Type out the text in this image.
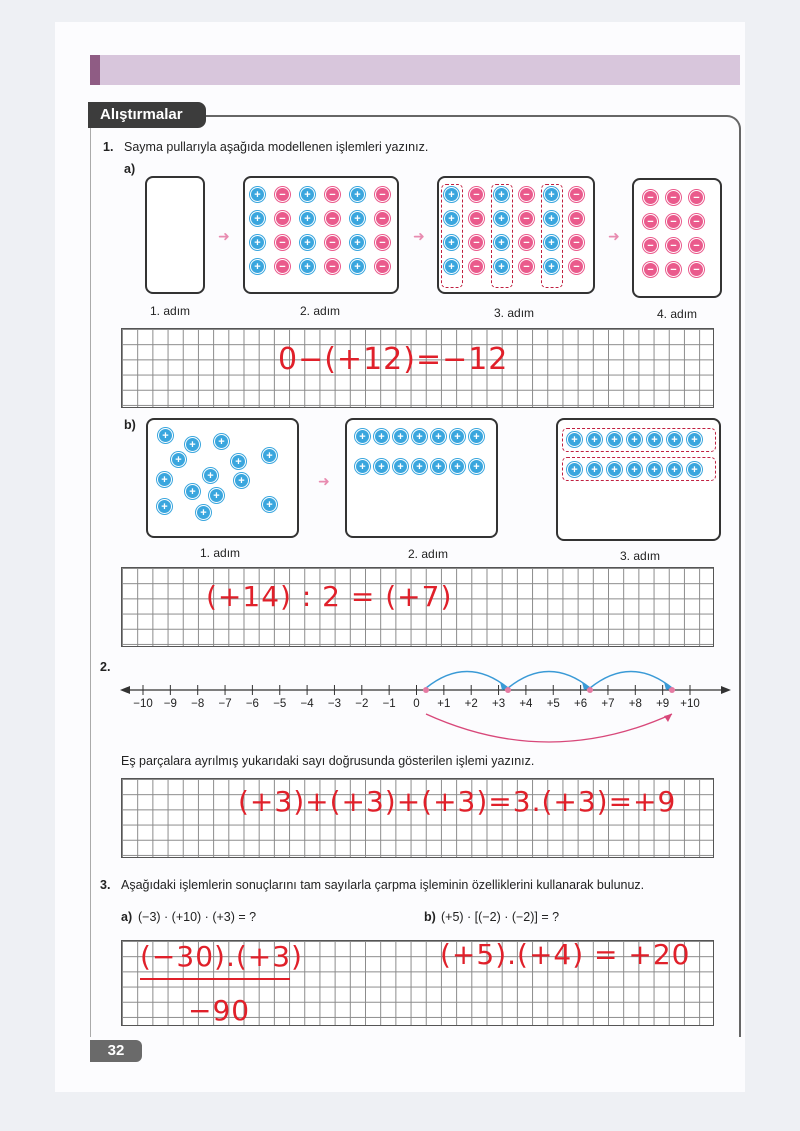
Alıştırmalar
1. Sayma pullarıyla aşağıda modellenen işlemleri yazınız.
a)
➜	➜	➜
+	−	+	−	+	−
+	−	+	−	+	−
+	−	+	−	+	−
+	−	+	−	+	−
+	−	+	−	+	−
+	−	+	−	+	−
+	−	+	−	+	−
+	−	+	−	+	−
−	−	−
−	−	−
−	−	−
−	−	−
1. adım	2. adım	3. adım	4. adım
0−(+12)=−12
b)
➜
+
+	+
+	+	+
+	+	+
+	+
+	+
+
+	+	+	+	+	+	+
+	+	+	+	+	+	+
+	+	+	+	+	+	+
+	+	+	+	+	+	+
1. adım	2. adım	3. adım
(+14) : 2 = (+7)
2.
−10 −9	−8	−7	−6	−5	−4	−3	−2	−1	0	+1	+2	+3	+4	+5	+6	+7	+8	+9 +10
Eş parçalara ayrılmış yukarıdaki sayı doğrusunda gösterilen işlemi yazınız.
(+3)+(+3)+(+3)=3.(+3)=+9
3. Aşağıdaki işlemlerin sonuçlarını tam sayılarla çarpma işleminin özelliklerini kullanarak bulunuz.
a) (−3) · (+10) · (+3) = ?	b) (+5) · [(−2) · (−2)] = ?
(−30).(+3)
−90
(+5).(+4) = +20
32
